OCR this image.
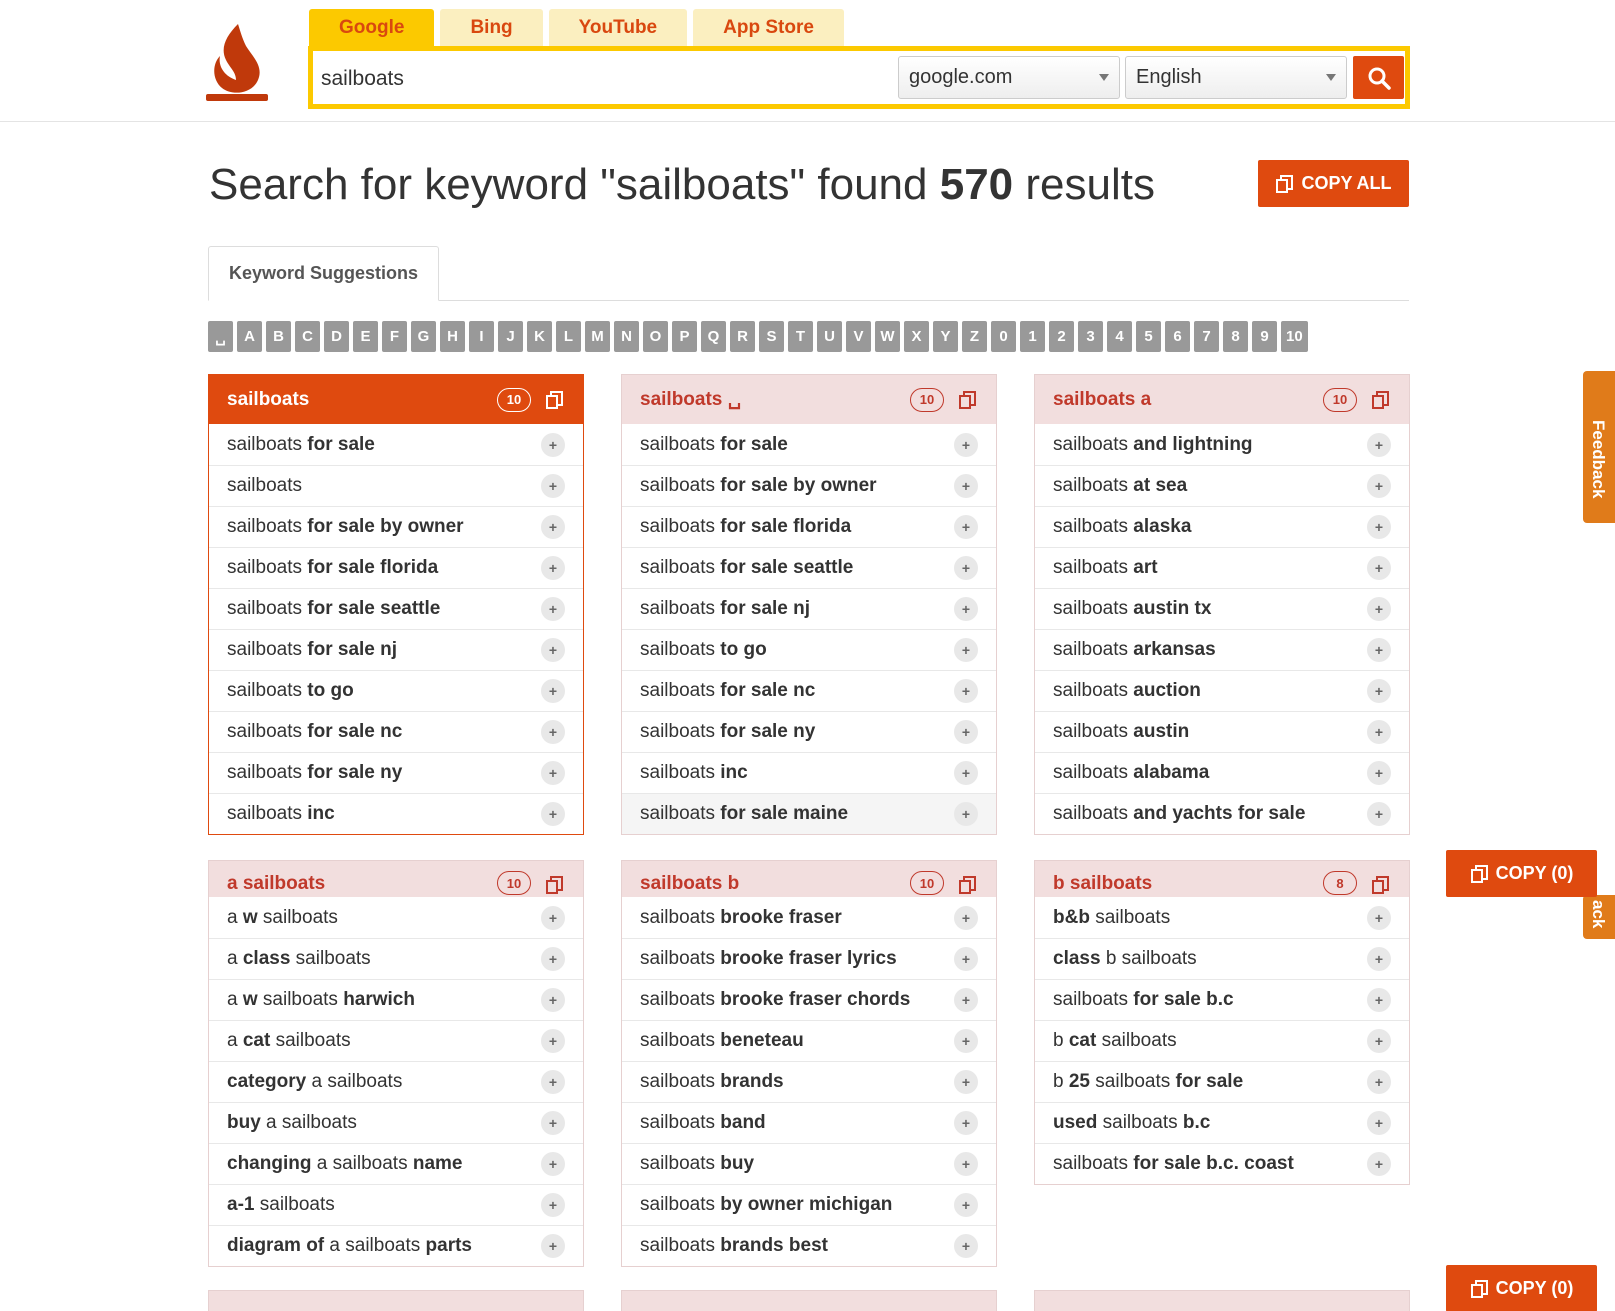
Google	Bing	YouTube	App Store
sailboats
google.com	English
Search for keyword "sailboats" found 570 results	COPY ALL
Keyword Suggestions
␣	A	B	C	D	E	F	G	H	I	J	K	L	M	N	O	P	Q	R	S	T	U	V	W	X	Y	Z	0	1	2	3	4	5	6	7	8	9	10
sailboats	10
sailboats for sale	+
sailboats	+
sailboats for sale by owner	+
sailboats for sale florida	+
sailboats for sale seattle	+
sailboats for sale nj	+
sailboats to go	+
sailboats for sale nc	+
sailboats for sale ny	+
sailboats inc	+
sailboats ␣	10
sailboats for sale	+
sailboats for sale by owner	+
sailboats for sale florida	+
sailboats for sale seattle	+
sailboats for sale nj	+
sailboats to go	+
sailboats for sale nc	+
sailboats for sale ny	+
sailboats inc	+
sailboats for sale maine	+
sailboats a	10
sailboats and lightning	+
sailboats at sea	+
sailboats alaska	+
sailboats art	+
sailboats austin tx	+
sailboats arkansas	+
sailboats auction	+
sailboats austin	+
sailboats alabama	+
sailboats and yachts for sale	+
a sailboats	10
a w sailboats	+
a class sailboats	+
a w sailboats harwich	+
a cat sailboats	+
category a sailboats	+
buy a sailboats	+
changing a sailboats name	+
a-1 sailboats	+
diagram of a sailboats parts	+
sailboats b	10
sailboats brooke fraser	+
sailboats brooke fraser lyrics	+
sailboats brooke fraser chords	+
sailboats beneteau	+
sailboats brands	+
sailboats band	+
sailboats buy	+
sailboats by owner michigan	+
sailboats brands best	+
b sailboats	8
b&b sailboats	+
class b sailboats	+
sailboats for sale b.c	+
b cat sailboats	+
b 25 sailboats for sale	+
used sailboats b.c	+
sailboats for sale b.c. coast	+
Feedback
ack
COPY (0)
COPY (0)
